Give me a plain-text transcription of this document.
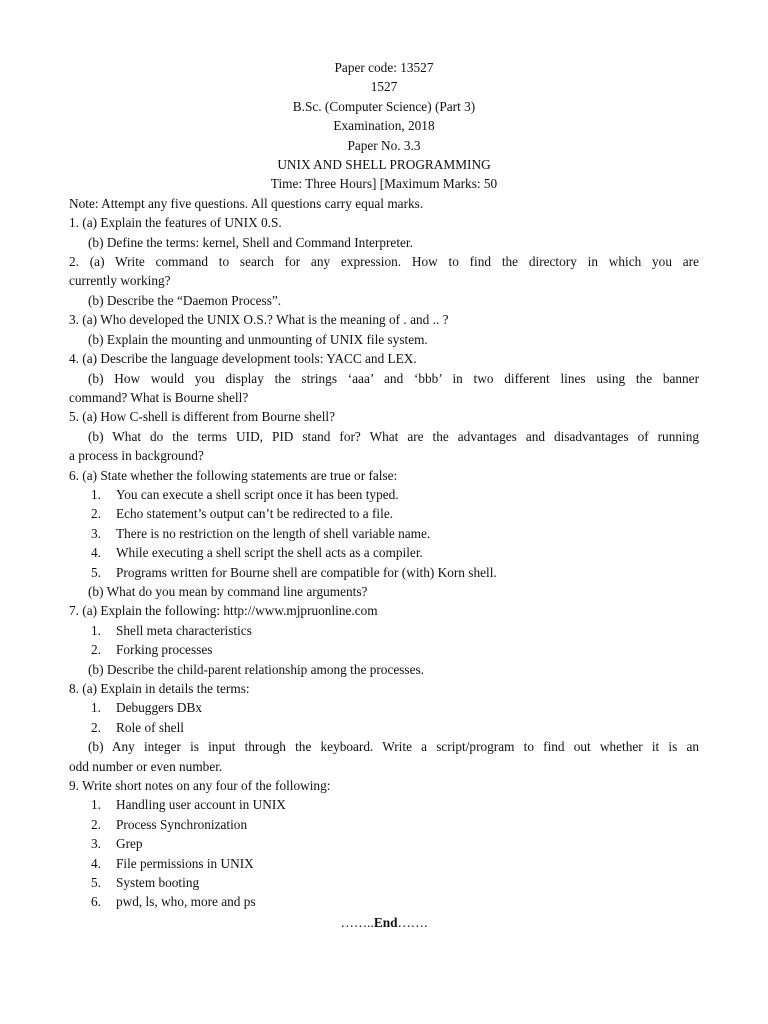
Paper code: 13527
1527
B.Sc. (Computer Science) (Part 3)
Examination, 2018
Paper No. 3.3
UNIX AND SHELL PROGRAMMING
Time: Three Hours] [Maximum Marks: 50
Note: Attempt any five questions. All questions carry equal marks.
1. (a) Explain the features of UNIX 0.S.
(b) Define the terms: kernel, Shell and Command Interpreter.
2. (a) Write command to search for any expression. How to find the directory in which you are
currently working?
(b) Describe the “Daemon Process”.
3. (a) Who developed the UNIX O.S.? What is the meaning of . and .. ?
(b) Explain the mounting and unmounting of UNIX file system.
4. (a) Describe the language development tools: YACC and LEX.
(b) How would you display the strings ‘aaa’ and ‘bbb’ in two different lines using the banner
command? What is Bourne shell?
5. (a) How C-shell is different from Bourne shell?
(b) What do the terms UID, PID stand for? What are the advantages and disadvantages of running
a process in background?
6. (a) State whether the following statements are true or false:
1.	You can execute a shell script once it has been typed.
2.	Echo statement’s output can’t be redirected to a file.
3.	There is no restriction on the length of shell variable name.
4.	While executing a shell script the shell acts as a compiler.
5.	Programs written for Bourne shell are compatible for (with) Korn shell.
(b) What do you mean by command line arguments?
7. (a) Explain the following: http://www.mjpruonline.com
1.	Shell meta characteristics
2.	Forking processes
(b) Describe the child-parent relationship among the processes.
8. (a) Explain in details the terms:
1.	Debuggers DBx
2.	Role of shell
(b) Any integer is input through the keyboard. Write a script/program to find out whether it is an
odd number or even number.
9. Write short notes on any four of the following:
1.	Handling user account in UNIX
2.	Process Synchronization
3.	Grep
4.	File permissions in UNIX
5.	System booting
6.	pwd, ls, who, more and ps
……..End…….
